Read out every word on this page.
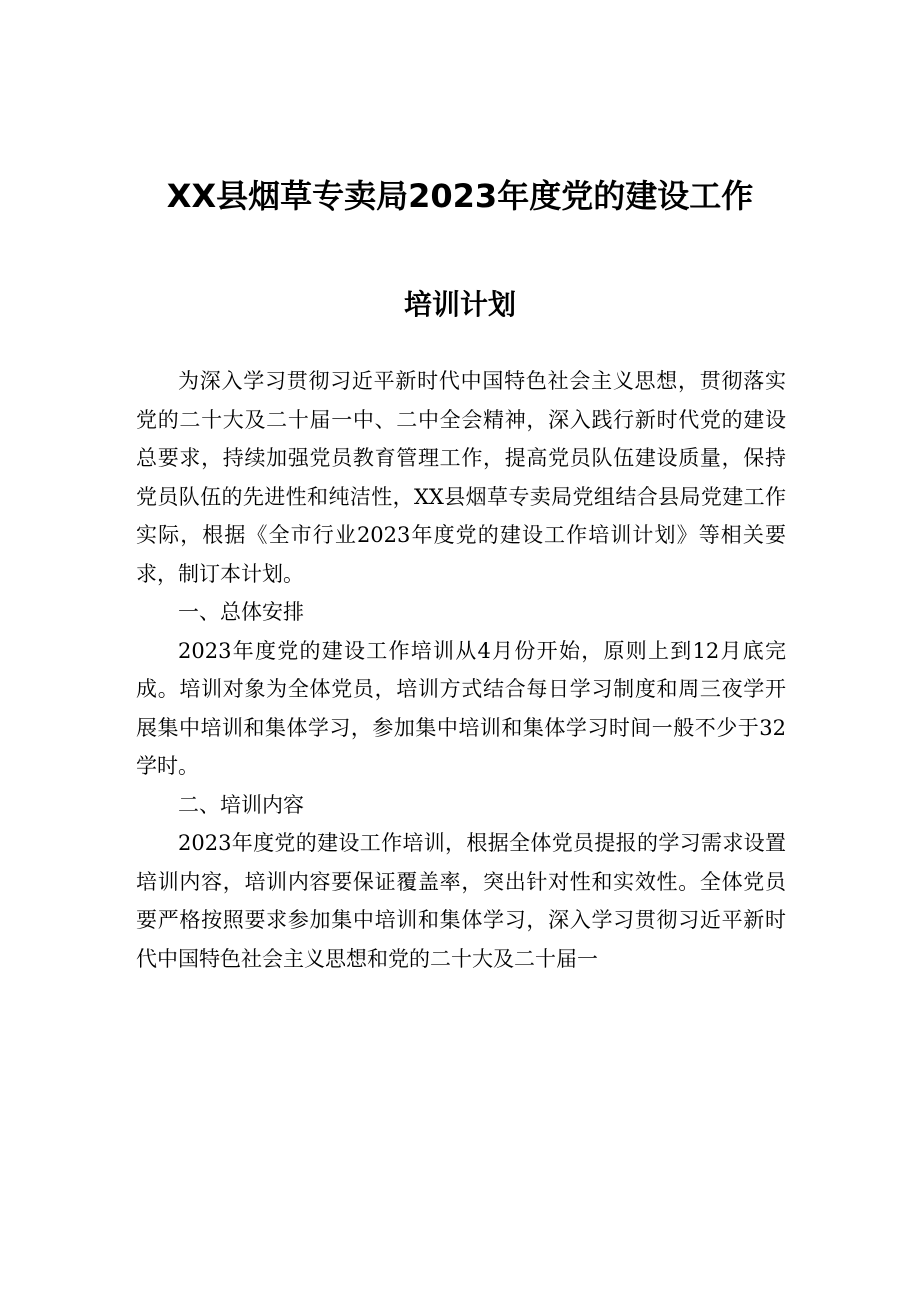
XX县烟草专卖局2023年度党的建设工作
培训计划

为深入学习贯彻习近平新时代中国特色社会主义思想，贯彻落实党的二十大及二十届一中、二中全会精神，深入践行新时代党的建设总要求，持续加强党员教育管理工作，提高党员队伍建设质量，保持党员队伍的先进性和纯洁性，XX县烟草专卖局党组结合县局党建工作实际，根据《全市行业2023年度党的建设工作培训计划》等相关要求，制订本计划。

一、总体安排

2023年度党的建设工作培训从4月份开始，原则上到12月底完成。培训对象为全体党员，培训方式结合每日学习制度和周三夜学开展集中培训和集体学习，参加集中培训和集体学习时间一般不少于32学时。

二、培训内容

2023年度党的建设工作培训，根据全体党员提报的学习需求设置培训内容，培训内容要保证覆盖率，突出针对性和实效性。全体党员要严格按照要求参加集中培训和集体学习，深入学习贯彻习近平新时代中国特色社会主义思想和党的二十大及二十届一
